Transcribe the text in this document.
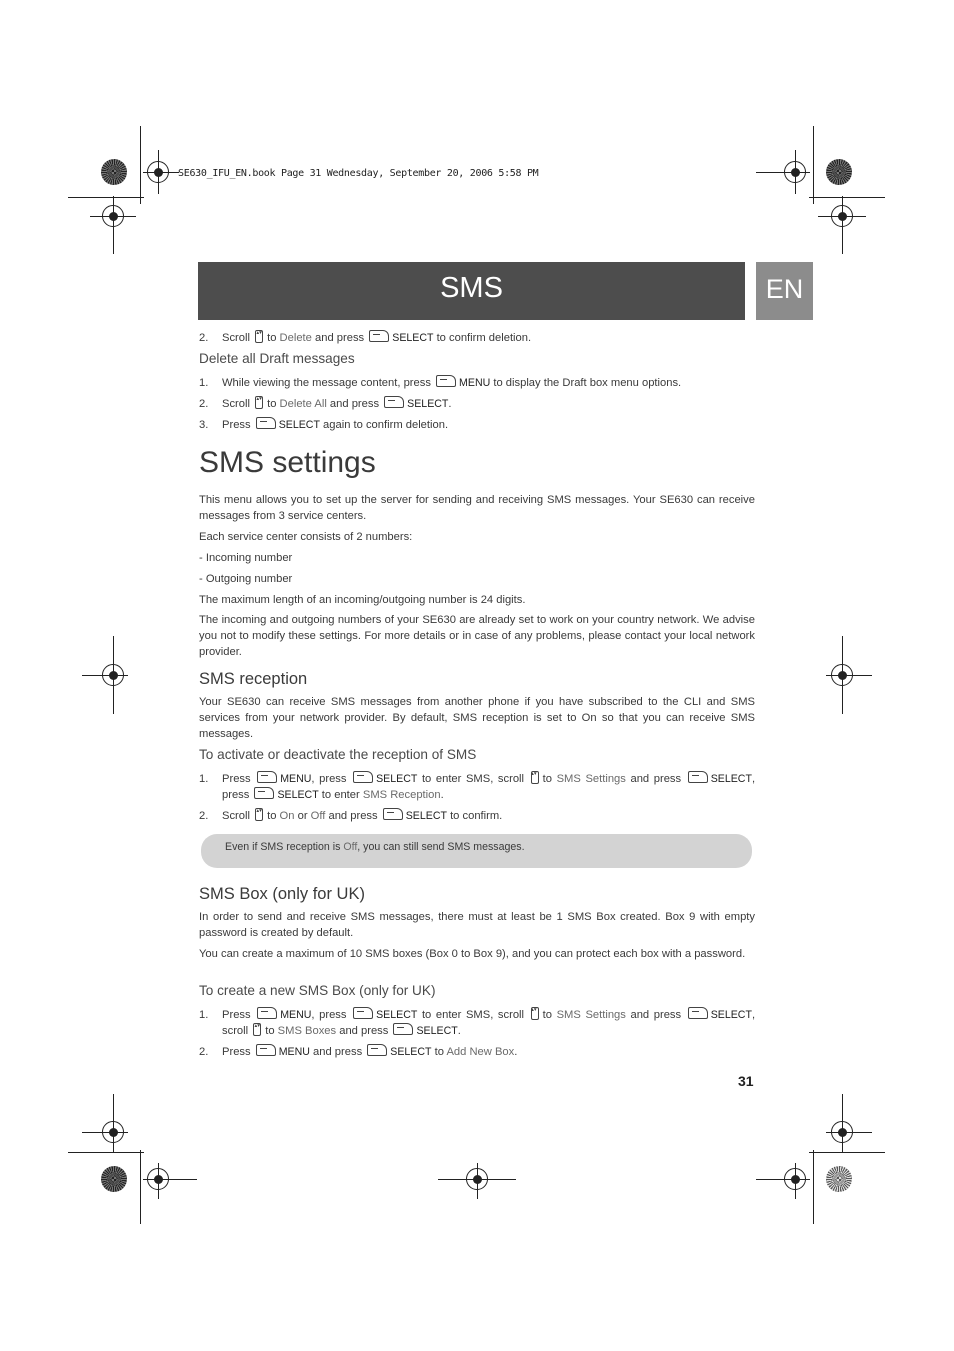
SE630_IFU_EN.book Page 31 Wednesday, September 20, 2006 5:58 PM
SMS	EN
2. Scroll ▴▾ to Delete and press	SELECT to confirm deletion.
Delete all Draft messages
1. While viewing the message content, press	MENU to display the Draft box menu options.
2. Scroll ▴▾ to Delete All and press	SELECT.
3. Press	SELECT again to confirm deletion.
SMS settings

This menu allows you to set up the server for sending and receiving SMS messages. Your SE630 can receive messages from 3 service centers.

Each service center consists of 2 numbers:

- Incoming number

- Outgoing number

The maximum length of an incoming/outgoing number is 24 digits.

The incoming and outgoing numbers of your SE630 are already set to work on your country network. We advise you not to modify these settings. For more details or in case of any problems, please contact your local network provider.

SMS reception
Your SE630 can receive SMS messages from another phone if you have subscribed to the CLI and SMS services from your network provider. By default, SMS reception is set to On so that you can receive SMS messages.
To activate or deactivate the reception of SMS
1. Press	MENU, press	SELECT to enter SMS, scroll ▴▾ to SMS Settings and press	SELECT,
press	SELECT to enter SMS Reception.
2. Scroll ▴▾ to On or Off and press	SELECT to confirm.
Even if SMS reception is Off, you can still send SMS messages.
SMS Box (only for UK)

In order to send and receive SMS messages, there must at least be 1 SMS Box created. Box 9 with empty password is created by default.

You can create a maximum of 10 SMS boxes (Box 0 to Box 9), and you can protect each box with a password.

To create a new SMS Box (only for UK)
1. Press	MENU, press	SELECT to enter SMS, scroll ▴▾ to SMS Settings and press	SELECT,
scroll ▴▾ to SMS Boxes and press	SELECT.
2. Press	MENU and press	SELECT to Add New Box.
31
